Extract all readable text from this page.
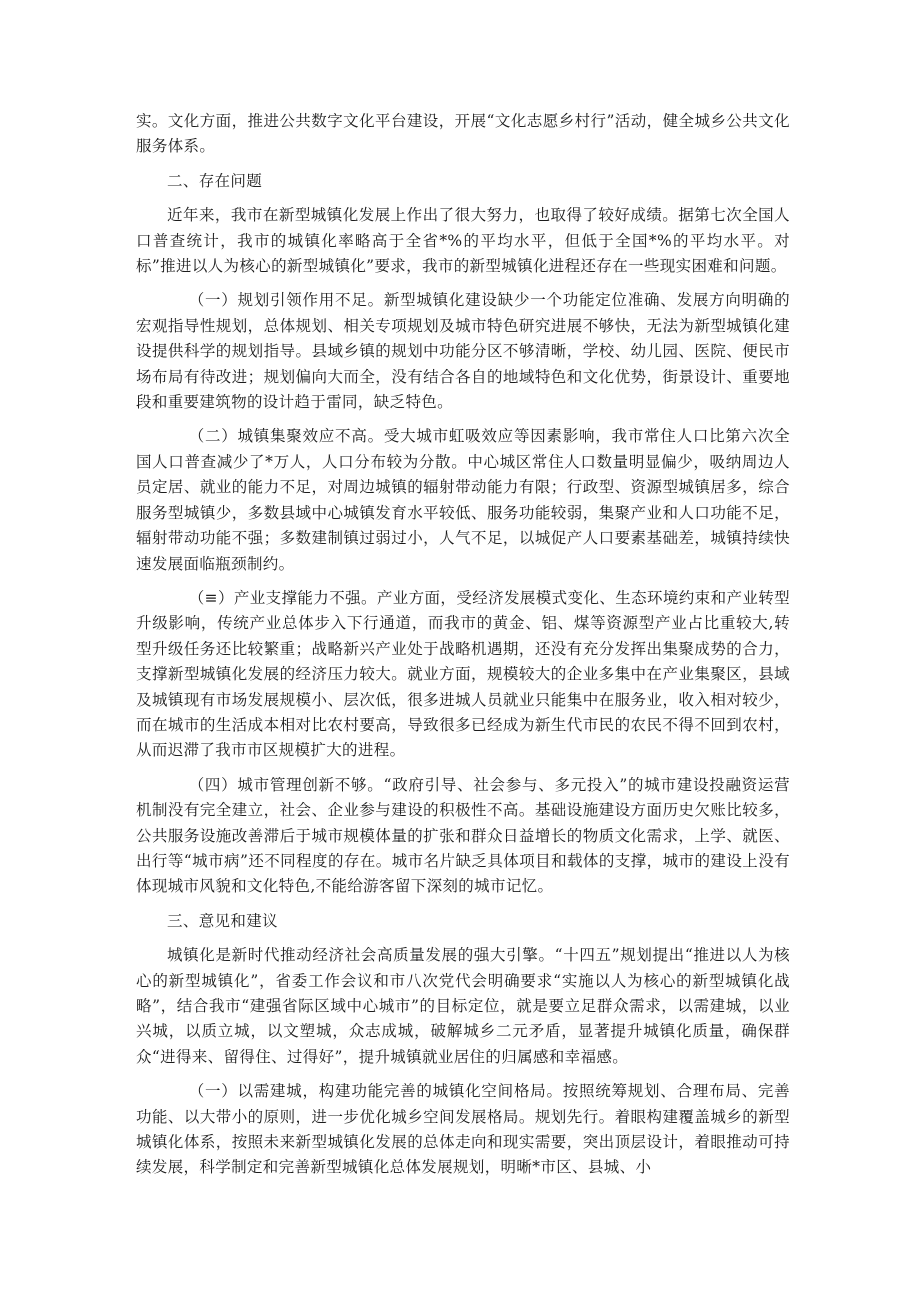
实。文化方面，推进公共数字文化平台建设，开展“文化志愿乡村行”活动，健全城乡公共文化服务体系。

二、存在问题

近年来，我市在新型城镇化发展上作出了很大努力，也取得了较好成绩。据第七次全国人口普查统计，我市的城镇化率略高于全省*%的平均水平，但低于全国*%的平均水平。对标”推进以人为核心的新型城镇化”要求，我市的新型城镇化进程还存在一些现实困难和问题。

（一）规划引领作用不足。新型城镇化建设缺少一个功能定位准确、发展方向明确的宏观指导性规划，总体规划、相关专项规划及城市特色研究进展不够快，无法为新型城镇化建设提供科学的规划指导。县域乡镇的规划中功能分区不够清晰，学校、幼儿园、医院、便民市场布局有待改进；规划偏向大而全，没有结合各自的地域特色和文化优势，街景设计、重要地段和重要建筑物的设计趋于雷同，缺乏特色。

（二）城镇集聚效应不高。受大城市虹吸效应等因素影响，我市常住人口比第六次全国人口普查减少了*万人，人口分布较为分散。中心城区常住人口数量明显偏少，吸纳周边人员定居、就业的能力不足，对周边城镇的辐射带动能力有限；行政型、资源型城镇居多，综合服务型城镇少，多数县域中心城镇发育水平较低、服务功能较弱，集聚产业和人口功能不足，辐射带动功能不强；多数建制镇过弱过小，人气不足，以城促产人口要素基础差，城镇持续快速发展面临瓶颈制约。

（≡）产业支撑能力不强。产业方面，受经济发展模式变化、生态环境约束和产业转型升级影响，传统产业总体步入下行通道，而我市的黄金、铝、煤等资源型产业占比重较大,转型升级任务还比较繁重；战略新兴产业处于战略机遇期，还没有充分发挥出集聚成势的合力，支撑新型城镇化发展的经济压力较大。就业方面，规模较大的企业多集中在产业集聚区，县域及城镇现有市场发展规模小、层次低，很多进城人员就业只能集中在服务业，收入相对较少，而在城市的生活成本相对比农村要高，导致很多已经成为新生代市民的农民不得不回到农村，从而迟滞了我市市区规模扩大的进程。

（四）城市管理创新不够。“政府引导、社会参与、多元投入”的城市建设投融资运营机制没有完全建立，社会、企业参与建设的积极性不高。基础设施建设方面历史欠账比较多，公共服务设施改善滞后于城市规模体量的扩张和群众日益增长的物质文化需求，上学、就医、出行等“城市病”还不同程度的存在。城市名片缺乏具体项目和载体的支撑，城市的建设上没有体现城市风貌和文化特色,不能给游客留下深刻的城市记忆。

三、意见和建议

城镇化是新时代推动经济社会高质量发展的强大引擎。“十四五”规划提出“推进以人为核心的新型城镇化”，省委工作会议和市八次党代会明确要求“实施以人为核心的新型城镇化战略”，结合我市“建强省际区域中心城市”的目标定位，就是要立足群众需求，以需建城，以业兴城，以质立城，以文塑城，众志成城，破解城乡二元矛盾，显著提升城镇化质量，确保群众“进得来、留得住、过得好”，提升城镇就业居住的归属感和幸福感。

（一）以需建城，构建功能完善的城镇化空间格局。按照统筹规划、合理布局、完善功能、以大带小的原则，进一步优化城乡空间发展格局。规划先行。着眼构建覆盖城乡的新型城镇化体系，按照未来新型城镇化发展的总体走向和现实需要，突出顶层设计，着眼推动可持续发展，科学制定和完善新型城镇化总体发展规划，明晰*市区、县城、小
